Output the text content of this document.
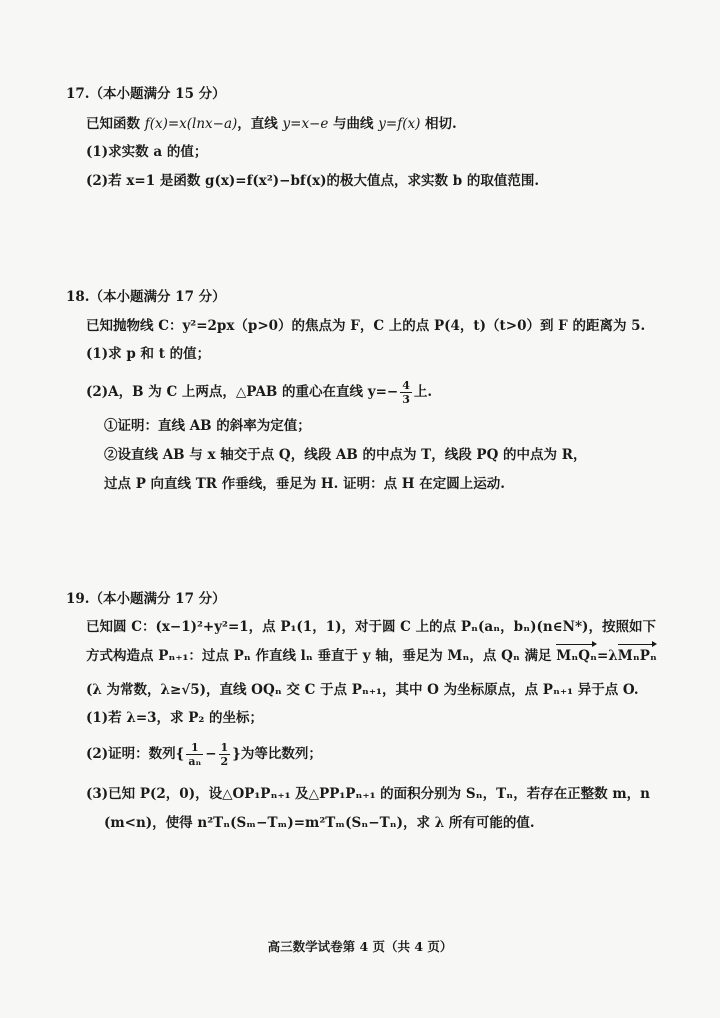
17.（本小题满分 15 分）
已知函数 f(x)=x(lnx−a)，直线 y=x−e 与曲线 y=f(x) 相切.
(1)求实数 a 的值；
(2)若 x=1 是函数 g(x)=f(x²)−bf(x)的极大值点，求实数 b 的取值范围.
18.（本小题满分 17 分）
已知抛物线 C：y²=2px（p>0）的焦点为 F，C 上的点 P(4，t)（t>0）到 F 的距离为 5.
(1)求 p 和 t 的值；
(2)A，B 为 C 上两点，△PAB 的重心在直线 $y=- \frac{4}{3}$ 上.
①证明：直线 AB 的斜率为定值；
②设直线 AB 与 x 轴交于点 Q，线段 AB 的中点为 T，线段 PQ 的中点为 R，
过点 P 向直线 TR 作垂线，垂足为 H. 证明：点 H 在定圆上运动.
19.（本小题满分 17 分）
已知圆 C：(x−1)²+y²=1，点 P₁(1，1)，对于圆 C 上的点 Pₙ(aₙ，bₙ)(n∈N*)，按照如下
方式构造点 Pₙ₊₁：过点 Pₙ 作直线 lₙ 垂直于 y 轴，垂足为 Mₙ，点 Qₙ 满足 MₙQₙ=λMₙPₙ
(λ 为常数，λ≥√5)，直线 OQₙ 交 C 于点 Pₙ₊₁，其中 O 为坐标原点，点 Pₙ₊₁ 异于点 O.
(1)若 λ=3，求 P₂ 的坐标；
(2)证明：数列{ $\frac{1}{\text{aₙ}} - \frac{1}{2}$ }为等比数列；
(3)已知 P(2，0)，设△OP₁Pₙ₊₁ 及△PP₁Pₙ₊₁ 的面积分别为 Sₙ，Tₙ，若存在正整数 m，n
(m<n)，使得 n²Tₙ(Sₘ−Tₘ)=m²Tₘ(Sₙ−Tₙ)，求 λ 所有可能的值.
高三数学试卷第 4 页（共 4 页）
